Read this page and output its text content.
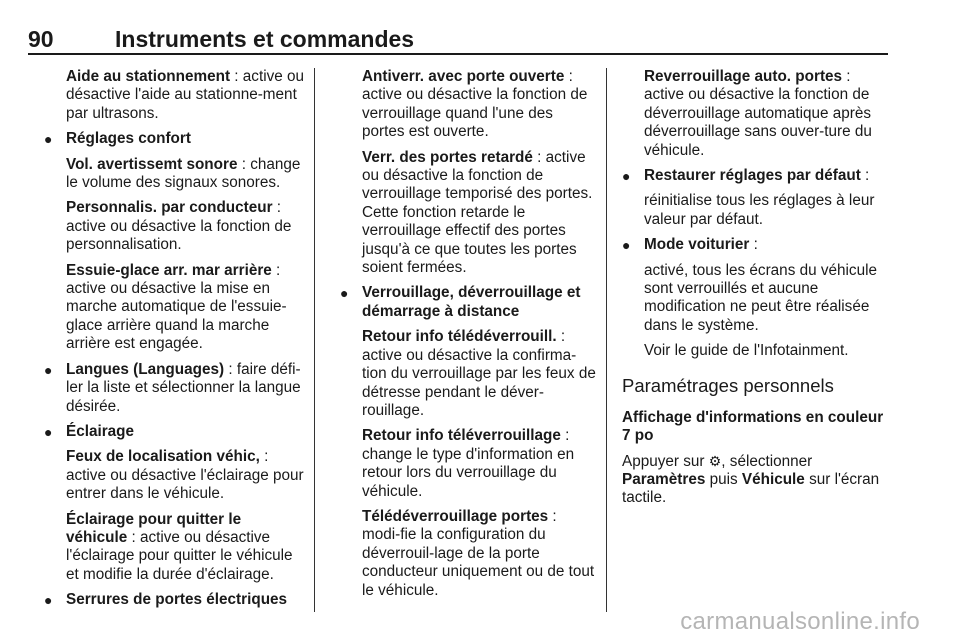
90	Instruments et commandes

Aide au stationnement : active ou désactive l'aide au stationne-ment par ultrasons.

● Réglages confort

Vol. avertissemt sonore : change le volume des signaux sonores.

Personnalis. par conducteur : active ou désactive la fonction de personnalisation.

Essuie-glace arr. mar arrière : active ou désactive la mise en marche automatique de l'essuie-glace arrière quand la marche arrière est engagée.

● Langues (Languages) : faire défi-ler la liste et sélectionner la langue désirée.
● Éclairage

Feux de localisation véhic, : active ou désactive l'éclairage pour entrer dans le véhicule.

Éclairage pour quitter le véhicule : active ou désactive l'éclairage pour quitter le véhicule et modifie la durée d'éclairage.

● Serrures de portes électriques

Antiverr. avec porte ouverte : active ou désactive la fonction de verrouillage quand l'une des portes est ouverte.

Verr. des portes retardé : active ou désactive la fonction de verrouillage temporisé des portes. Cette fonction retarde le verrouillage effectif des portes jusqu'à ce que toutes les portes soient fermées.

● Verrouillage, déverrouillage et démarrage à distance

Retour info télédéverrouill. : active ou désactive la confirma-tion du verrouillage par les feux de détresse pendant le déver-rouillage.

Retour info téléverrouillage : change le type d'information en retour lors du verrouillage du véhicule.

Télédéverrouillage portes : modi-fie la configuration du déverrouil-lage de la porte conducteur uniquement ou de tout le véhicule.

Reverrouillage auto. portes : active ou désactive la fonction de déverrouillage automatique après déverrouillage sans ouver-ture du véhicule.

● Restaurer réglages par défaut :

réinitialise tous les réglages à leur valeur par défaut.

● Mode voiturier :

activé, tous les écrans du véhicule sont verrouillés et aucune modification ne peut être réalisée dans le système.

Voir le guide de l'Infotainment.

Paramétrages personnels
Affichage d'informations en couleur 7 po

Appuyer sur ⚙, sélectionner Paramètres puis Véhicule sur l'écran tactile.

carmanualsonline.info
